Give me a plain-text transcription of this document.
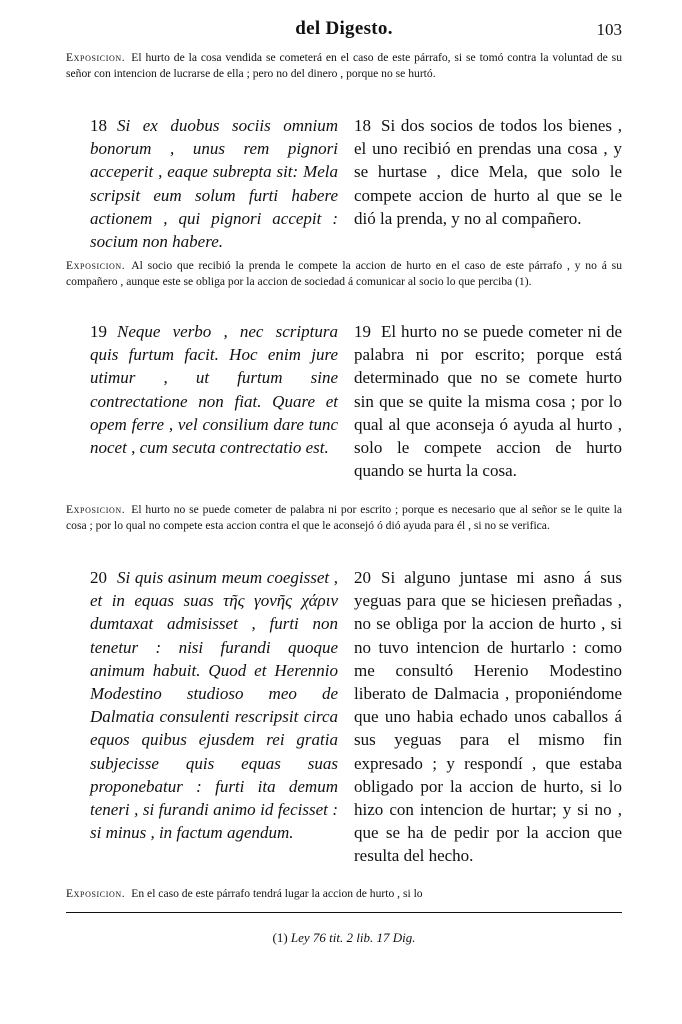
del Digesto.	103
Exposicion. El hurto de la cosa vendida se cometerá en el caso de este párrafo, si se tomó contra la voluntad de su señor con intencion de lucrarse de ella ; pero no del dinero , porque no se hurtó.
18 Si ex duobus sociis omnium bonorum , unus rem pignori acceperit , eaque subrepta sit: Mela scripsit eum solum furti habere actionem , qui pignori accepit : socium non habere.
18 Si dos socios de todos los bienes , el uno recibió en prendas una cosa , y se hurtase , dice Mela, que solo le compete accion de hurto al que se le dió la prenda, y no al compañero.
Exposicion. Al socio que recibió la prenda le compete la accion de hurto en el caso de este párrafo , y no á su compañero , aunque este se obliga por la accion de sociedad á comunicar al socio lo que perciba (1).
19 Neque verbo , nec scriptura quis furtum facit. Hoc enim jure utimur , ut furtum sine contrectatione non fiat. Quare et opem ferre , vel consilium dare tunc nocet , cum secuta contrectatio est.
19 El hurto no se puede cometer ni de palabra ni por escrito; porque está determinado que no se comete hurto sin que se quite la misma cosa ; por lo qual al que aconseja ó ayuda al hurto , solo le compete accion de hurto quando se hurta la cosa.
Exposicion. El hurto no se puede cometer de palabra ni por escrito ; porque es necesario que al señor se le quite la cosa ; por lo qual no compete esta accion contra el que le aconsejó ó dió ayuda para él , si no se verifica.
20 Si quis asinum meum coegisset , et in equas suas τῆς γονῆς χάριν dumtaxat admisisset , furti non tenetur : nisi furandi quoque animum habuit. Quod et Herennio Modestino studioso meo de Dalmatia consulenti rescripsit circa equos quibus ejusdem rei gratia subjecisse quis equas suas proponebatur : furti ita demum teneri , si furandi animo id fecisset : si minus , in factum agendum.
20 Si alguno juntase mi asno á sus yeguas para que se hiciesen preñadas , no se obliga por la accion de hurto , si no tuvo intencion de hurtarlo : como me consultó Herenio Modestino liberato de Dalmacia , proponiéndome que uno habia echado unos caballos á sus yeguas para el mismo fin expresado ; y respondí , que estaba obligado por la accion de hurto, si lo hizo con intencion de hurtar; y si no , que se ha de pedir por la accion que resulta del hecho.
Exposicion. En el caso de este párrafo tendrá lugar la accion de hurto , si lo
(1) Ley 76 tit. 2 lib. 17 Dig.
